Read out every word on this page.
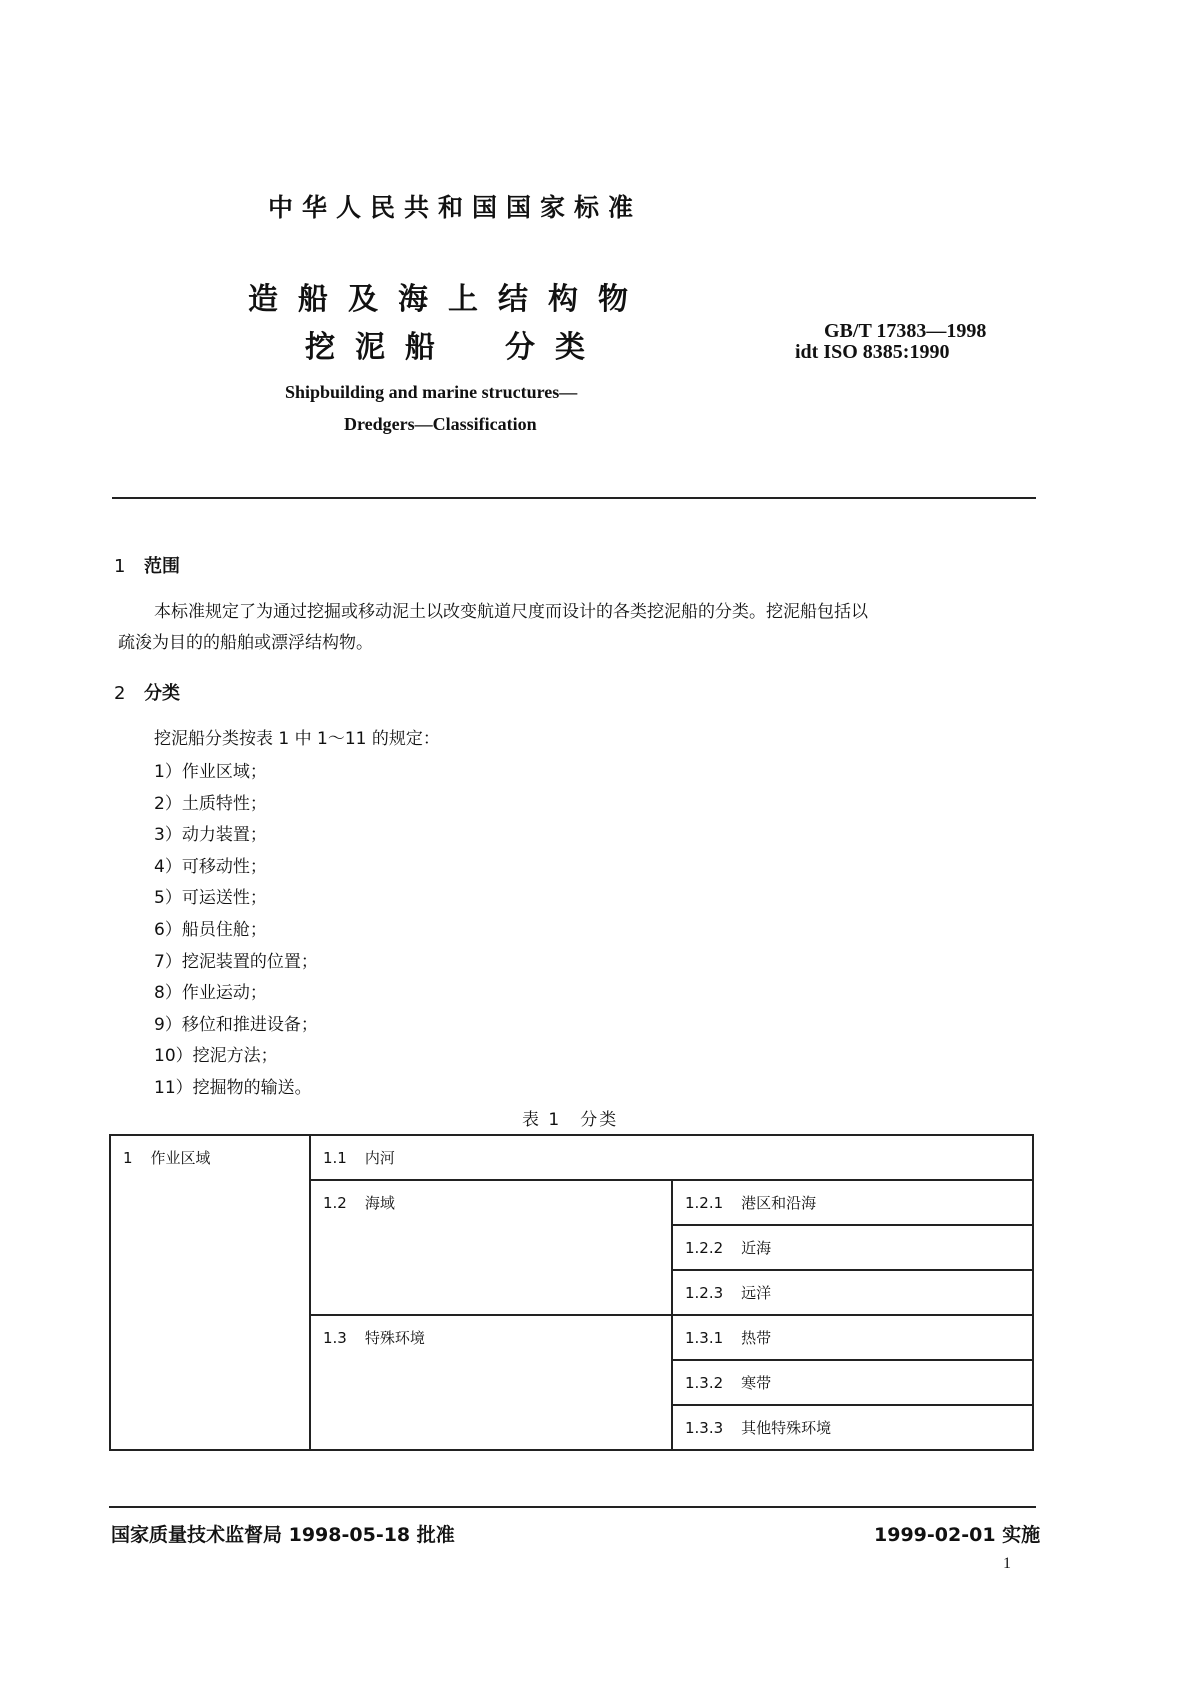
中华人民共和国国家标准
造船及海上结构物
挖泥船　分类	GB/T 17383—1998
idt ISO 8385:1990
Shipbuilding and marine structures—
Dredgers—Classification
1 范围
本标准规定了为通过挖掘或移动泥土以改变航道尺度而设计的各类挖泥船的分类。挖泥船包括以
疏浚为目的的船舶或漂浮结构物。
2 分类
挖泥船分类按表 1 中 1～11 的规定：
1）作业区域；
2）土质特性；
3）动力装置；
4）可移动性；
5）可运送性；
6）船员住舱；
7）挖泥装置的位置；
8）作业运动；
9）移位和推进设备；
10）挖泥方法；
11）挖掘物的输送。
表 1　分类
1 作业区域	1.1 内河	
	1.2 海域	1.2.1 港区和沿海
		1.2.2 近海
		1.2.3 远洋
	1.3 特殊环境	1.3.1 热带
		1.3.2 寒带
		1.3.3 其他特殊环境
国家质量技术监督局 1998-05-18 批准	1999-02-01 实施
1
